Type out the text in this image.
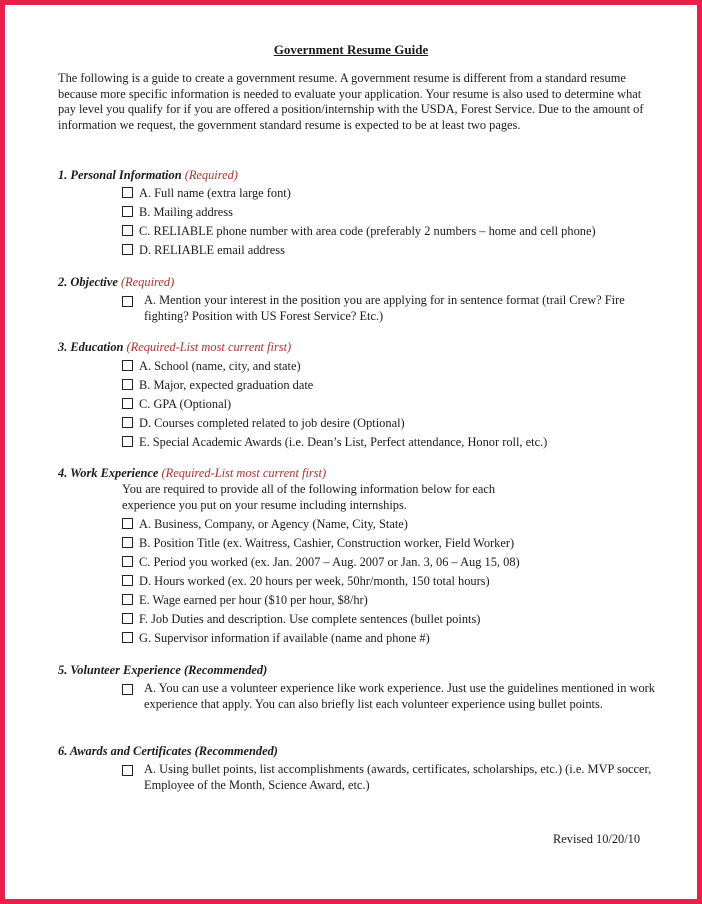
Government Resume Guide
The following is a guide to create a government resume. A government resume is different from a standard resume because more specific information is needed to evaluate your application. Your resume is also used to determine what pay level you qualify for if you are offered a position/internship with the USDA, Forest Service. Due to the amount of information we request, the government standard resume is expected to be at least two pages.
1. Personal Information (Required)
A. Full name (extra large font)
B. Mailing address
C. RELIABLE phone number with area code (preferably 2 numbers – home and cell phone)
D. RELIABLE email address
2. Objective (Required)
A. Mention your interest in the position you are applying for in sentence format (trail Crew? Fire fighting? Position with US Forest Service? Etc.)
3. Education (Required-List most current first)
A. School (name, city, and state)
B. Major, expected graduation date
C. GPA (Optional)
D. Courses completed related to job desire (Optional)
E. Special Academic Awards (i.e. Dean’s List, Perfect attendance, Honor roll, etc.)
4. Work Experience (Required-List most current first)
You are required to provide all of the following information below for each experience you put on your resume including internships.
A. Business, Company, or Agency (Name, City, State)
B. Position Title (ex. Waitress, Cashier, Construction worker, Field Worker)
C. Period you worked (ex. Jan. 2007 – Aug. 2007 or Jan. 3, 06 – Aug 15, 08)
D. Hours worked (ex. 20 hours per week, 50hr/month, 150 total hours)
E. Wage earned per hour ($10 per hour, $8/hr)
F. Job Duties and description. Use complete sentences (bullet points)
G. Supervisor information if available (name and phone #)
5. Volunteer Experience (Recommended)
A. You can use a volunteer experience like work experience. Just use the guidelines mentioned in work experience that apply. You can also briefly list each volunteer experience using bullet points.
6. Awards and Certificates (Recommended)
A. Using bullet points, list accomplishments (awards, certificates, scholarships, etc.) (i.e. MVP soccer, Employee of the Month, Science Award, etc.)
Revised 10/20/10
